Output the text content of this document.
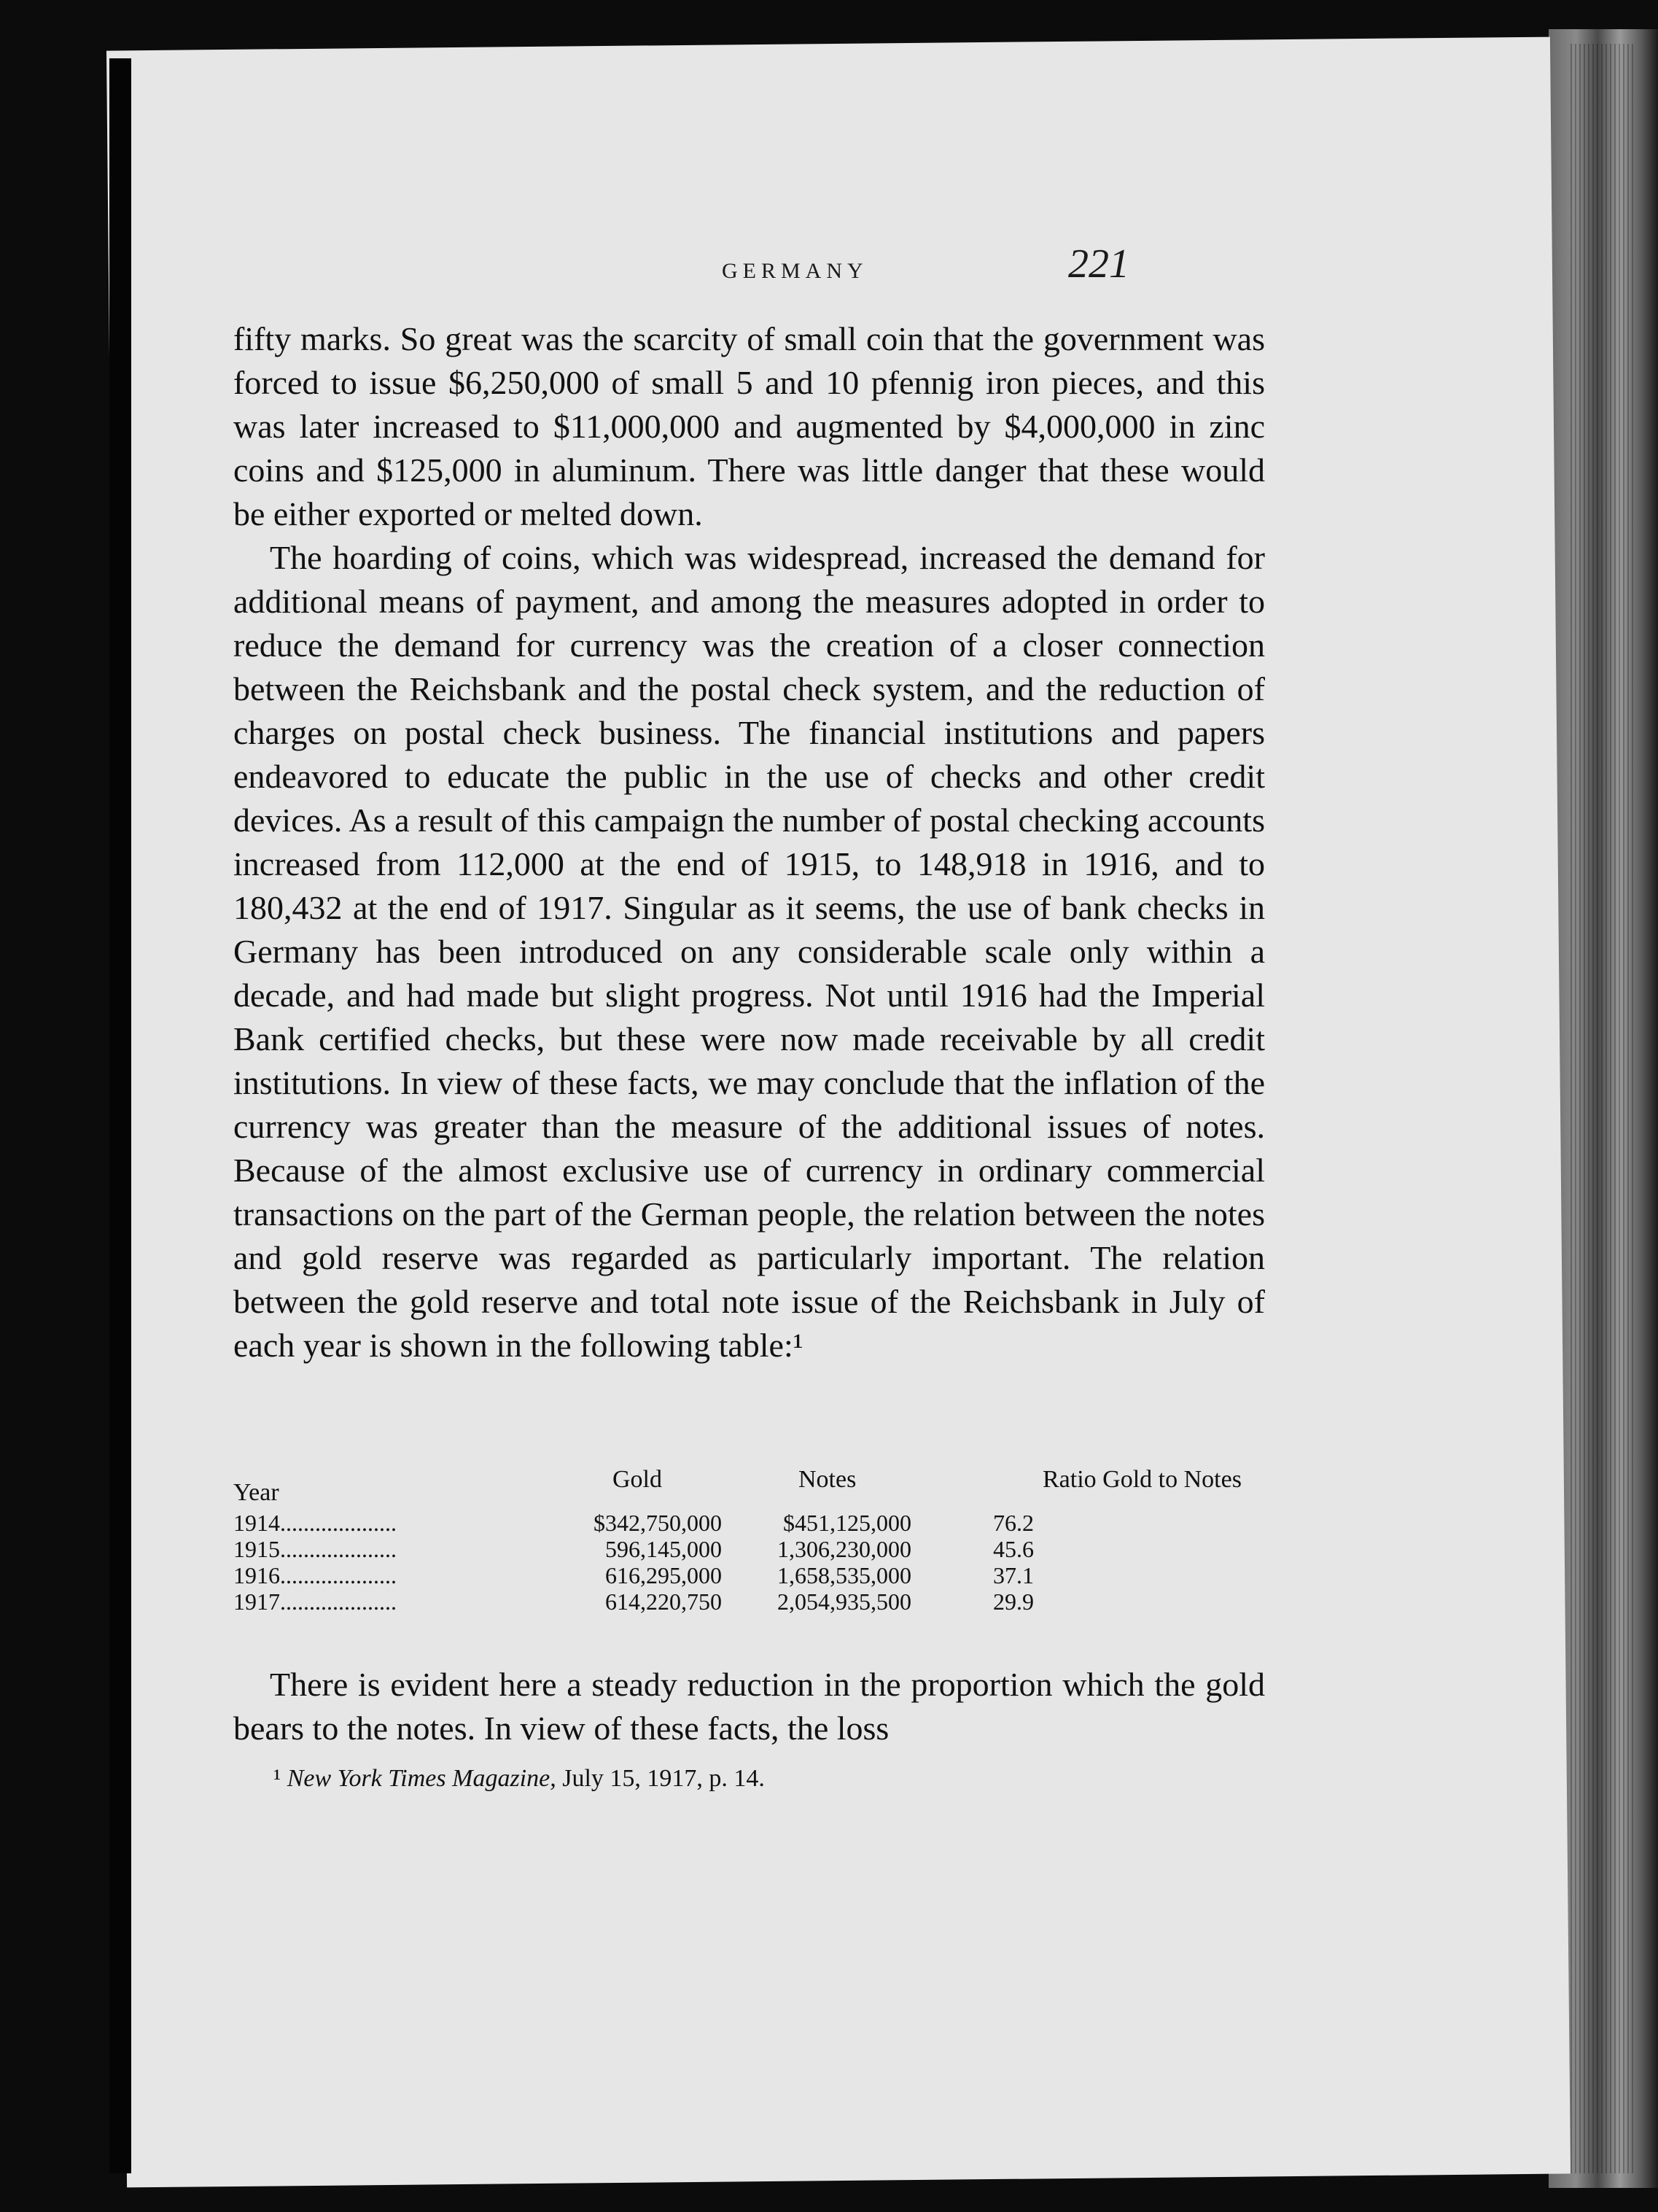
GERMANY	221

fifty marks. So great was the scarcity of small coin that the government was forced to issue $6,250,000 of small 5 and 10 pfennig iron pieces, and this was later increased to $11,000,000 and augmented by $4,000,000 in zinc coins and $125,000 in aluminum. There was little danger that these would be either exported or melted down.

The hoarding of coins, which was widespread, increased the demand for additional means of payment, and among the measures adopted in order to reduce the demand for currency was the creation of a closer connection between the Reichsbank and the postal check system, and the reduction of charges on postal check business. The financial institutions and papers endeavored to educate the public in the use of checks and other credit devices. As a result of this campaign the number of postal checking accounts increased from 112,000 at the end of 1915, to 148,918 in 1916, and to 180,432 at the end of 1917. Singular as it seems, the use of bank checks in Germany has been introduced on any considerable scale only within a decade, and had made but slight progress. Not until 1916 had the Imperial Bank certified checks, but these were now made receivable by all credit institutions. In view of these facts, we may conclude that the inflation of the currency was greater than the measure of the additional issues of notes. Because of the almost exclusive use of currency in ordinary commercial transactions on the part of the German people, the relation between the notes and gold reserve was regarded as particularly important. The relation between the gold reserve and total note issue of the Reichsbank in July of each year is shown in the following table:¹

Year	Gold	Notes	Ratio Gold to Notes
1914....................	$342,750,000	$451,125,000	76.2
1915....................	596,145,000	1,306,230,000	45.6
1916....................	616,295,000	1,658,535,000	37.1
1917....................	614,220,750	2,054,935,500	29.9

There is evident here a steady reduction in the proportion which the gold bears to the notes. In view of these facts, the loss

¹ New York Times Magazine, July 15, 1917, p. 14.
